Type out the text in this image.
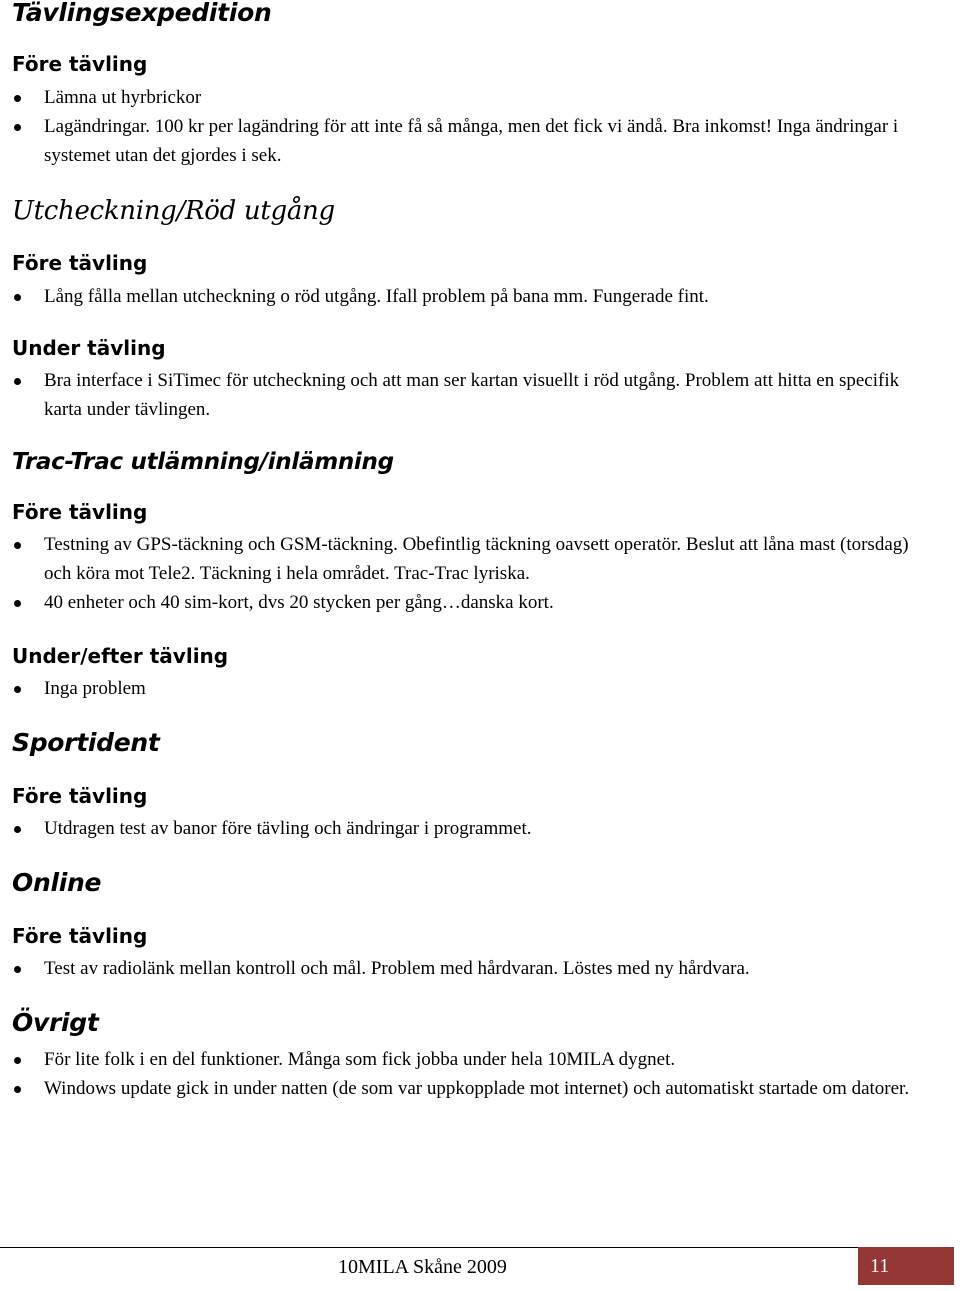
Tävlingsexpedition
Före tävling
Lämna ut hyrbrickor
Lagändringar. 100 kr per lagändring för att inte få så många, men det fick vi ändå. Bra inkomst! Inga ändringar i systemet utan det gjordes i sek.
Utcheckning/Röd utgång
Före tävling
Lång fålla mellan utcheckning o röd utgång. Ifall problem på bana mm. Fungerade fint.
Under tävling
Bra interface i SiTimec för utcheckning och att man ser kartan visuellt i röd utgång. Problem att hitta en specifik karta under tävlingen.
Trac-Trac utlämning/inlämning
Före tävling
Testning av GPS-täckning och GSM-täckning. Obefintlig täckning oavsett operatör. Beslut att låna mast (torsdag) och köra mot Tele2. Täckning i hela området. Trac-Trac lyriska.
40 enheter och 40 sim-kort, dvs 20 stycken per gång…danska kort.
Under/efter tävling
Inga problem
Sportident
Före tävling
Utdragen test av banor före tävling och ändringar i programmet.
Online
Före tävling
Test av radiolänk mellan kontroll och mål. Problem med hårdvaran. Löstes med ny hårdvara.
Övrigt
För lite folk i en del funktioner. Många som fick jobba under hela 10MILA dygnet.
Windows update gick in under natten (de som var uppkopplade mot internet) och automatiskt startade om datorer.
10MILA Skåne 2009	11
